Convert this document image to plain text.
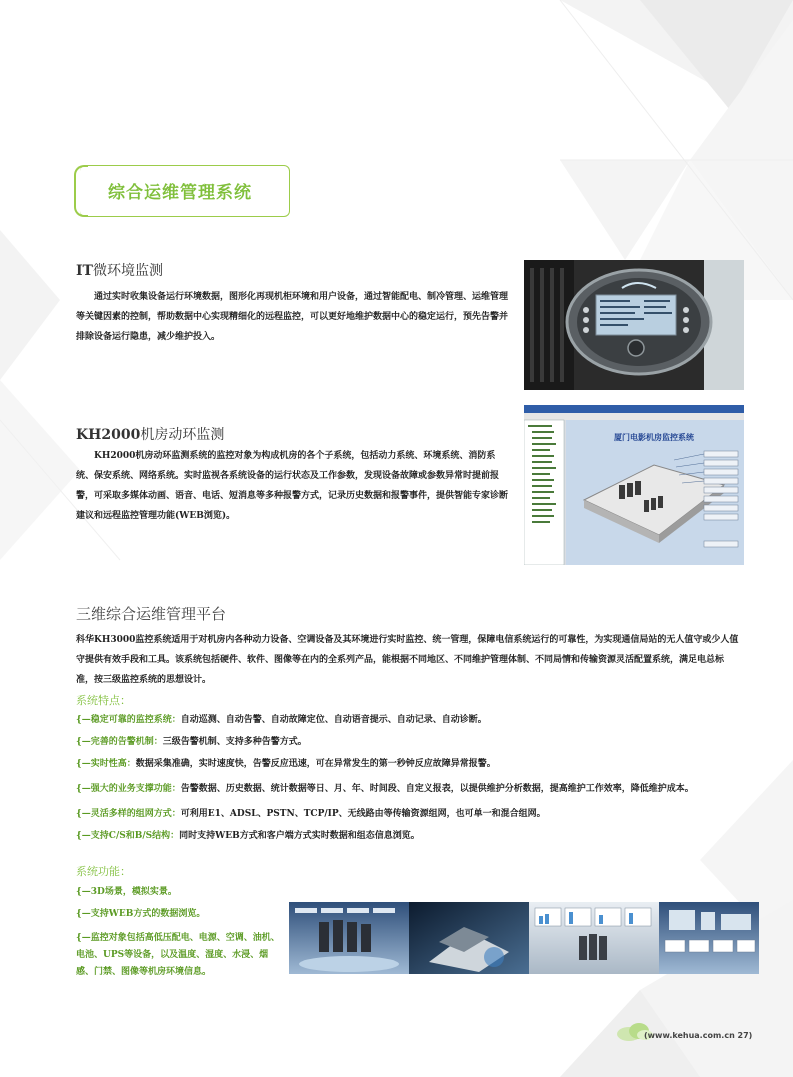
综合运维管理系统
IT微环境监测
通过实时收集设备运行环境数据，图形化再现机柜环境和用户设备，通过智能配电、制冷管理、运维管理等关键因素的控制，帮助数据中心实现精细化的远程监控，可以更好地维护数据中心的稳定运行，预先告警并排除设备运行隐患，减少维护投入。
KH2000机房动环监测
KH2000机房动环监测系统的监控对象为构成机房的各个子系统，包括动力系统、环境系统、消防系统、保安系统、网络系统。实时监视各系统设备的运行状态及工作参数，发现设备故障或参数异常时提前报警，可采取多媒体动画、语音、电话、短消息等多种报警方式，记录历史数据和报警事件，提供智能专家诊断建议和远程监控管理功能(WEB浏览)。
厦门电影机房监控系统
三维综合运维管理平台
科华KH3000监控系统适用于对机房内各种动力设备、空调设备及其环境进行实时监控、统一管理，保障电信系统运行的可靠性，为实现通信局站的无人值守或少人值守提供有效手段和工具。该系统包括硬件、软件、图像等在内的全系列产品，能根据不同地区、不同维护管理体制、不同局情和传输资源灵活配置系统，满足电总标准，按三级监控系统的思想设计。
系统特点：
{—稳定可靠的监控系统：自动巡测、自动告警、自动故障定位、自动语音提示、自动记录、自动诊断。
{—完善的告警机制：三级告警机制、支持多种告警方式。
{—实时性高：数据采集准确，实时速度快，告警反应迅速，可在异常发生的第一秒钟反应故障异常报警。
{—强大的业务支撑功能：告警数据、历史数据、统计数据等日、月、年、时间段、自定义报表，以提供维护分析数据，提高维护工作效率，降低维护成本。
{—灵活多样的组网方式：可利用E1、ADSL、PSTN、TCP/IP、无线路由等传输资源组网，也可单一和混合组网。
{—支持C/S和B/S结构：同时支持WEB方式和客户端方式实时数据和组态信息浏览。
系统功能：
{—3D场景，模拟实景。
{—支持WEB方式的数据浏览。
{—监控对象包括高低压配电、电源、空调、油机、电池、UPS等设备，以及温度、湿度、水浸、烟感、门禁、图像等机房环境信息。
(www.kehua.com.cn 27)
